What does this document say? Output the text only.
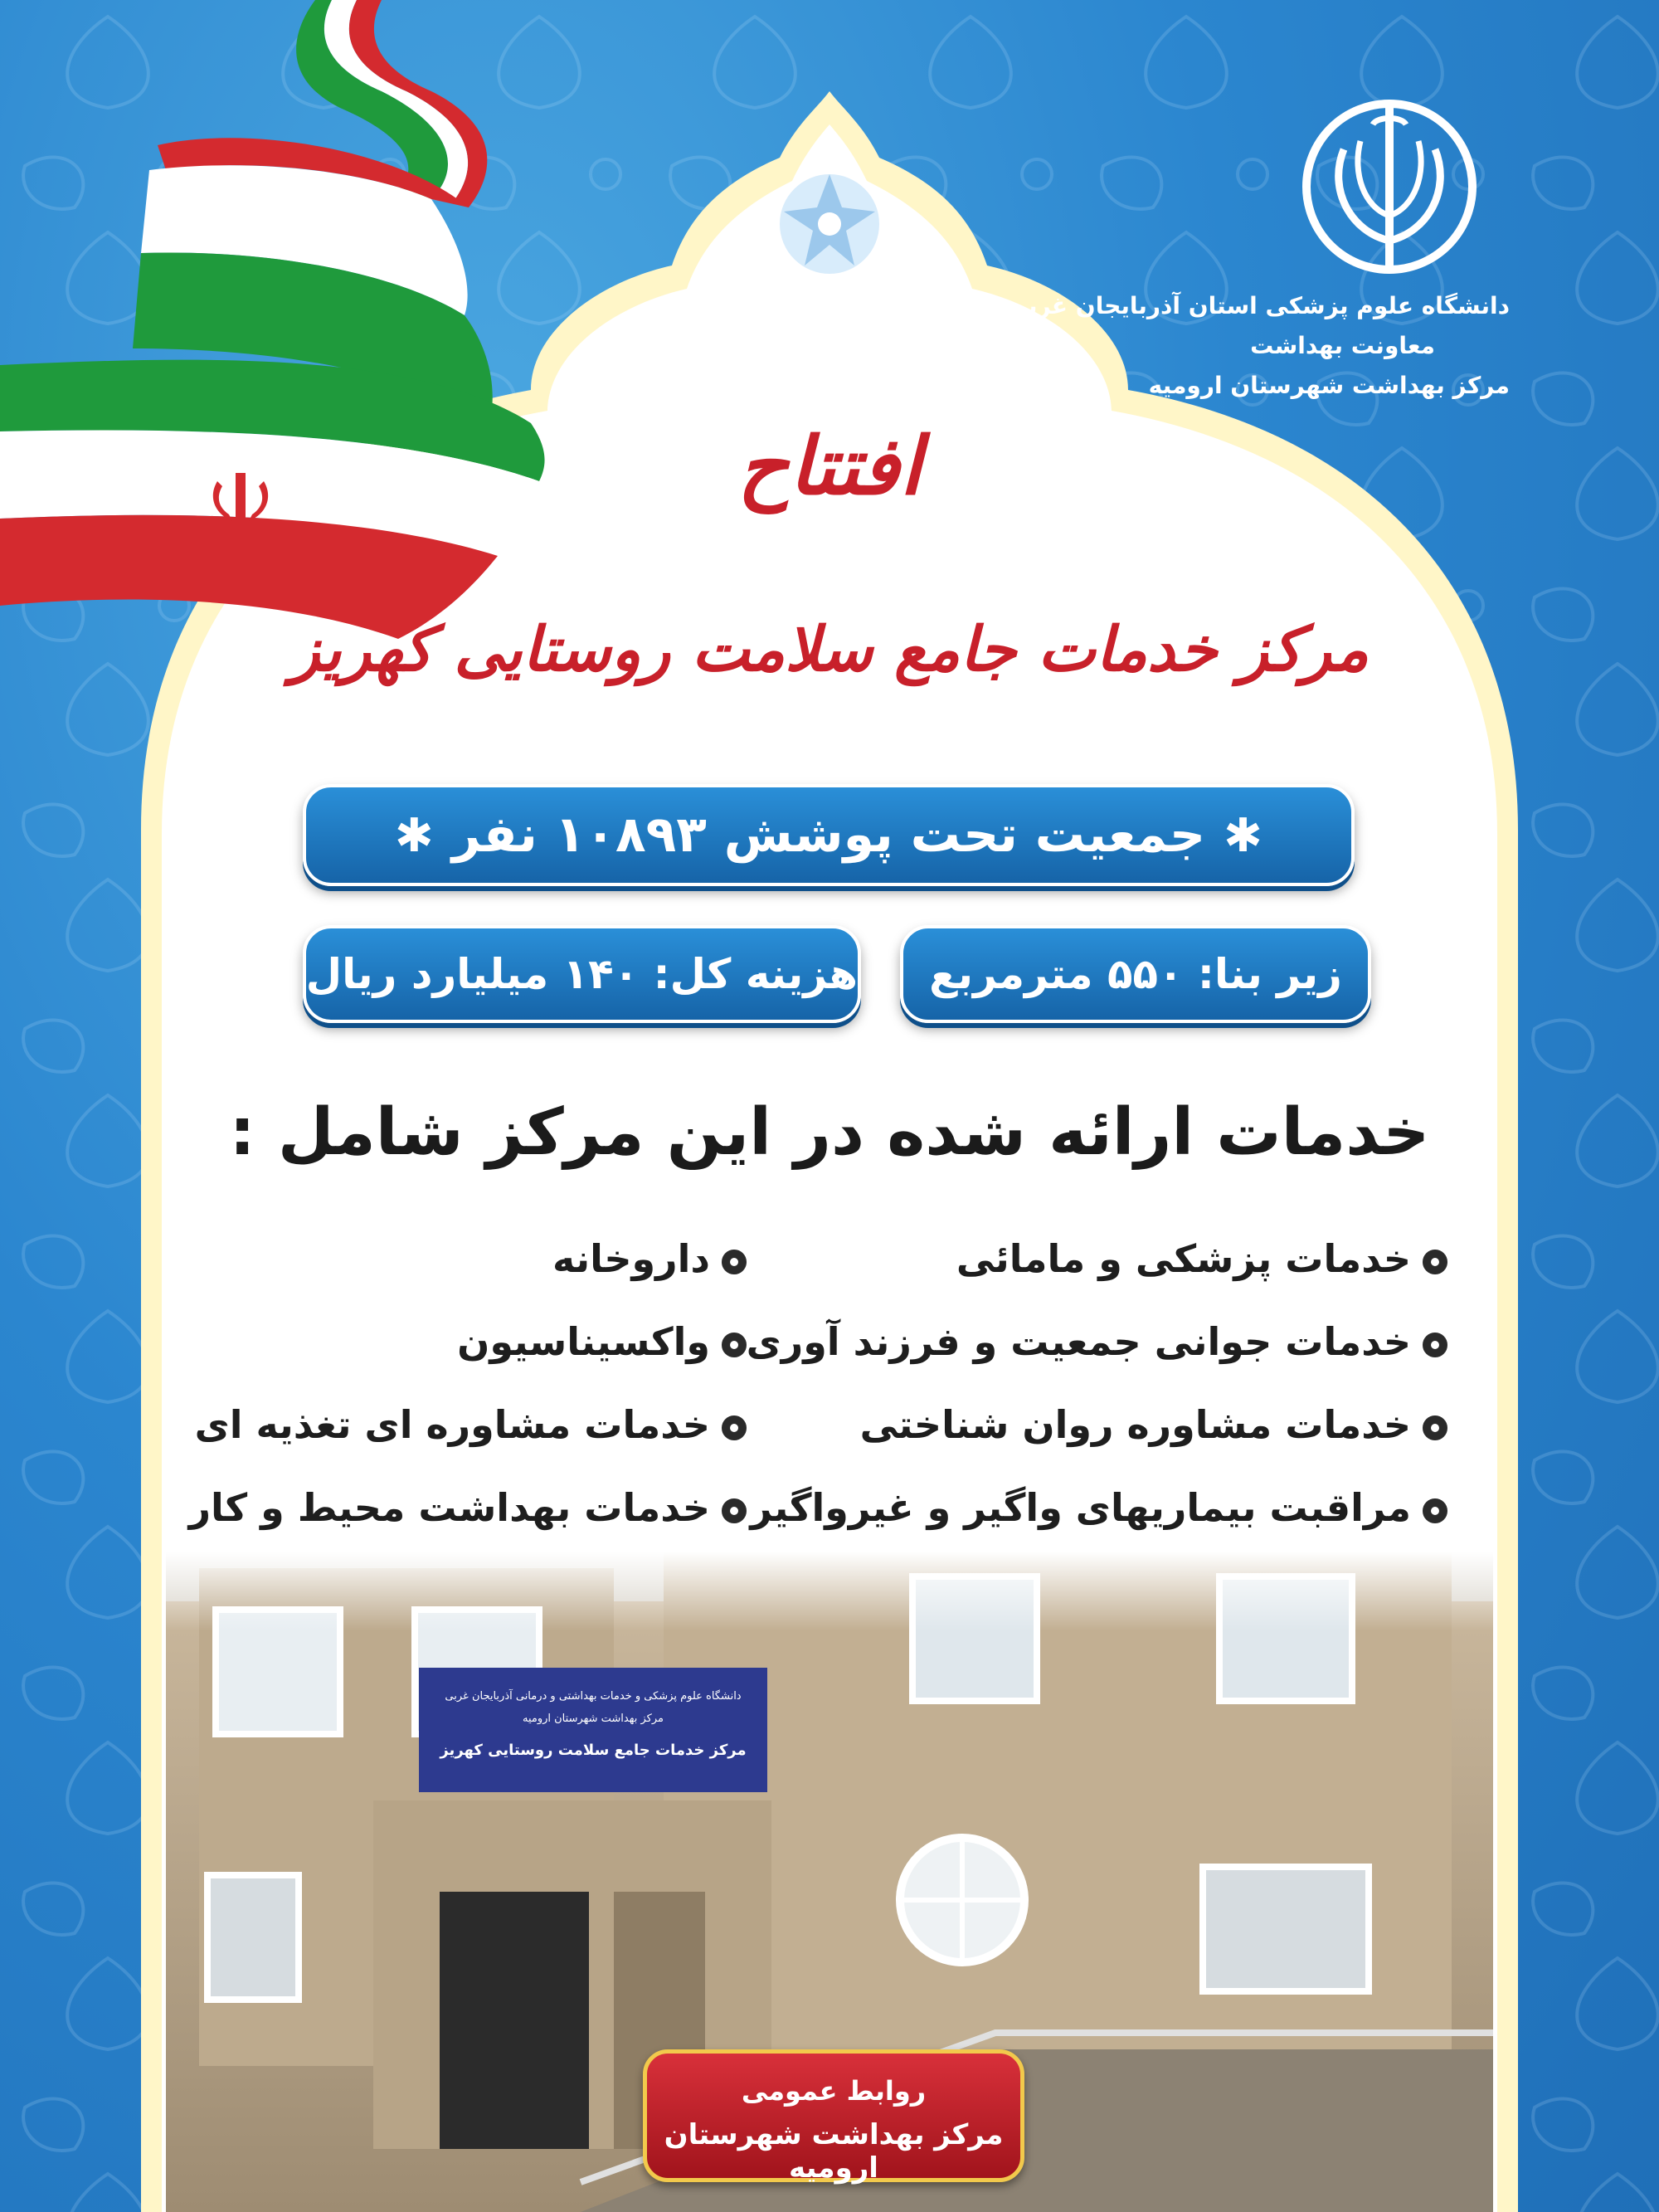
دانشگاه علوم پزشکی استان آذربایجان غربی
معاونت بهداشت
مرکز بهداشت شهرستان ارومیه
افتتاح
مرکز خدمات جامع سلامت روستایی کهریز
✱جمعیت تحت پوشش ۱۰۸۹۳ نفر✱
زیر بنا: ۵۵۰ مترمربع
هزینه کل: ۱۴۰ میلیارد ریال
خدمات ارائه شده در این مرکز شامل :
خدمات پزشکی و مامائی
خدمات جوانی جمعیت و فرزند آوری
خدمات مشاوره روان شناختی
مراقبت بیماریهای واگیر و غیرواگیر
داروخانه
واکسیناسیون
خدمات مشاوره ای تغذیه ای
خدمات بهداشت محیط و کار
روابط عمومی
مرکز بهداشت شهرستان ارومیه
